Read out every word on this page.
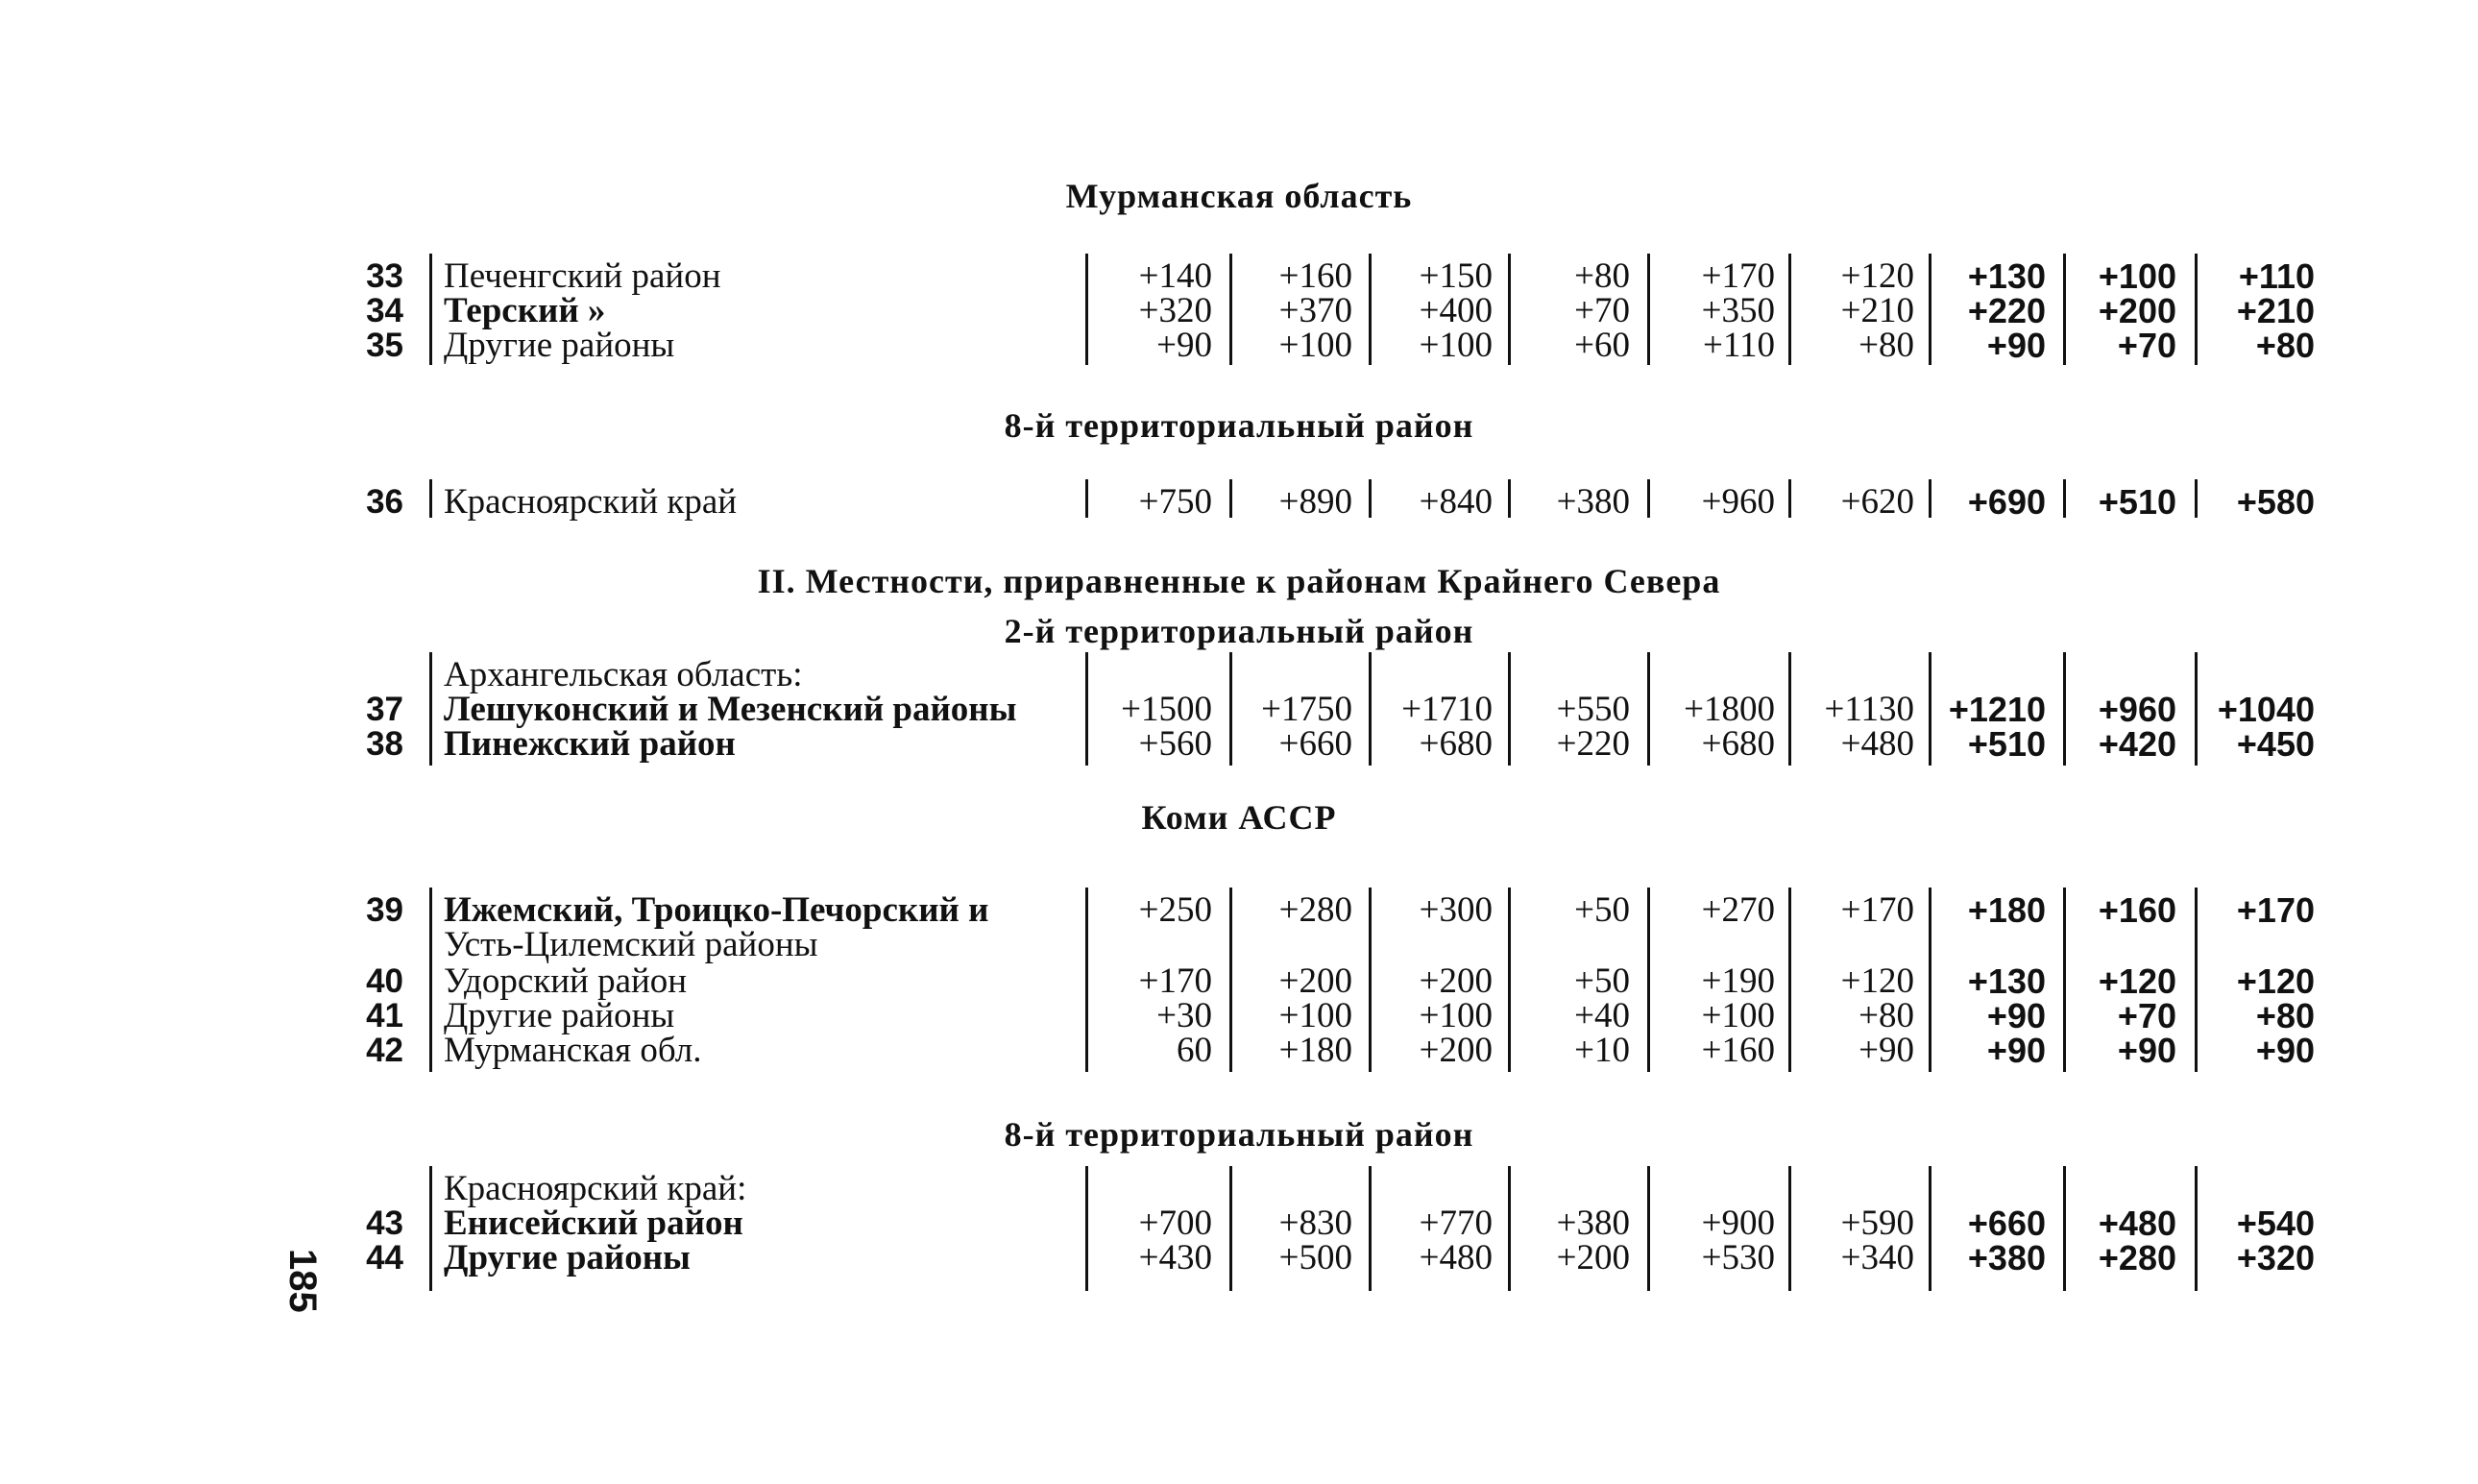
Мурманская область
8-й территориальный район
II. Местности, приравненные к районам Крайнего Севера
2-й территориальный район
Коми АССР
8-й территориальный район
33 Печенгский район	+140	+160	+150	+80	+170	+120	+130	+100	+110
34 Терский »	+320	+370	+400	+70	+350	+210	+220	+200	+210
35 Другие районы	+90	+100	+100	+60	+110	+80	+90	+70	+80
36 Красноярский край	+750	+890	+840	+380	+960	+620	+690	+510	+580
Архангельская область:
37 Лешуконский и Мезенский районы	+1500	+1750	+1710	+550	+1800	+1130 +1210	+960	+1040
38 Пинежский район	+560	+660	+680	+220	+680	+480	+510	+420	+450
39 Ижемский, Троицко-Печорский и	+250	+280	+300	+50	+270	+170	+180	+160	+170
Усть-Цилемский районы
40 Удорский район	+170	+200	+200	+50	+190	+120	+130	+120	+120
41 Другие районы	+30	+100	+100	+40	+100	+80	+90	+70	+80
42 Мурманская обл.	60	+180	+200	+10	+160	+90	+90	+90	+90
Красноярский край:
43 Енисейский район	+700	+830	+770	+380	+900	+590	+660	+480	+540
44 Другие районы	+430	+500	+480	+200	+530	+340	+380	+280	+320
185
